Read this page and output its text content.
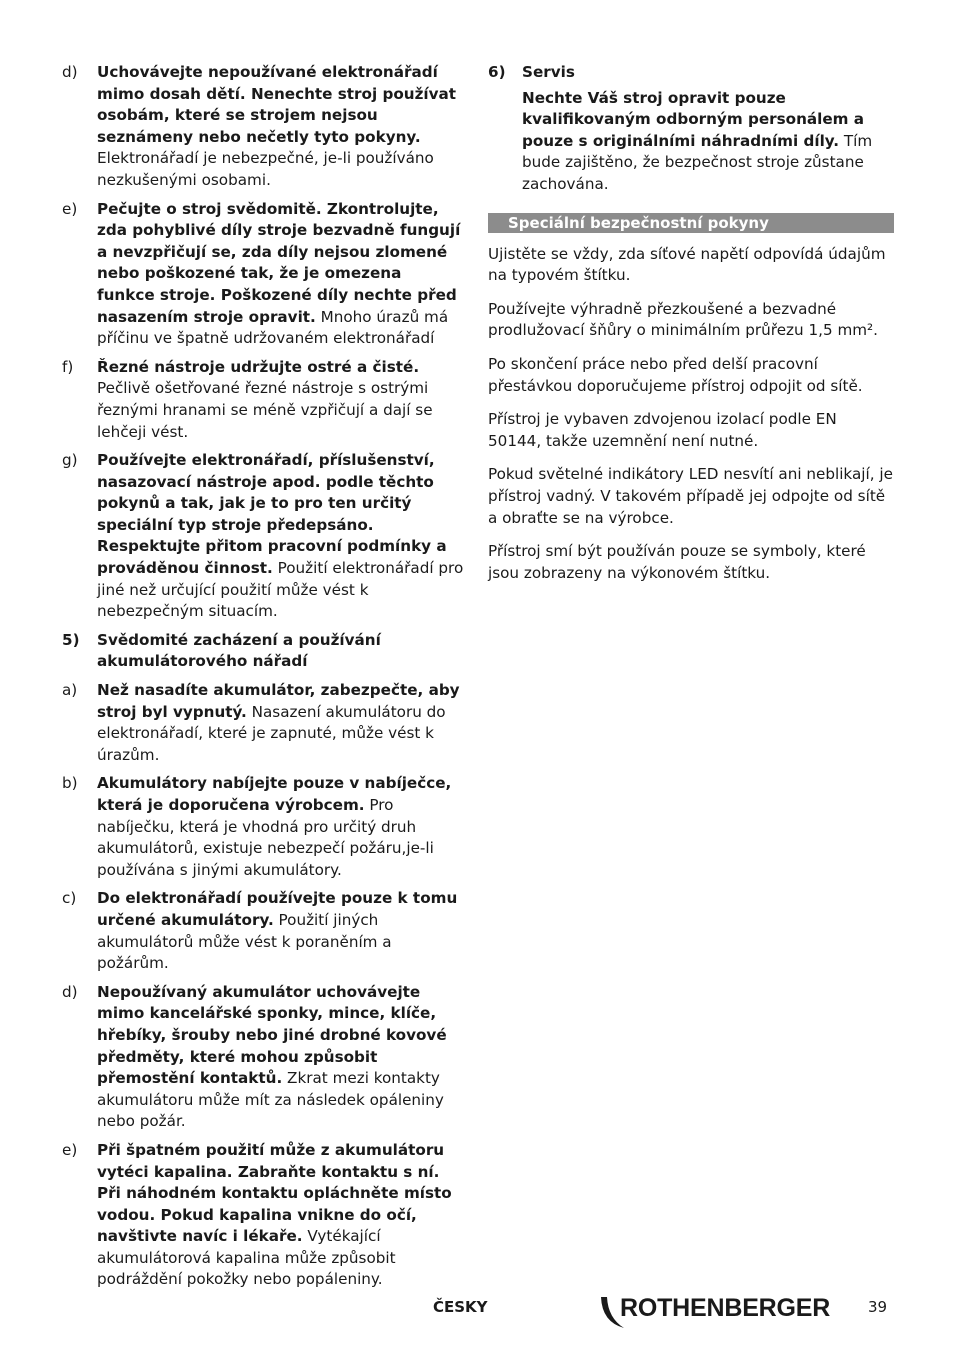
d)	Uchovávejte nepoužívané elektronářadí mimo dosah dětí. Nenechte stroj používat osobám, které se strojem nejsou seznámeny nebo nečetly tyto pokyny. Elektronářadí je nebezpečné, je-li používáno nezkušenými osobami.
e)	Pečujte o stroj svědomitě. Zkontrolujte, zda pohyblivé díly stroje bezvadně fungují a nevzpřičují se, zda díly nejsou zlomené nebo poškozené tak, že je omezena funkce stroje. Poškozené díly nechte před nasazením stroje opravit. Mnoho úrazů má příčinu ve špatně udržovaném elektronářadí
f)	Řezné nástroje udržujte ostré a čisté. Pečlivě ošetřované řezné nástroje s ostrými řeznými hranami se méně vzpřičují a dají se lehčeji vést.
g)	Používejte elektronářadí, příslušenství, nasazovací nástroje apod. podle těchto pokynů a tak, jak je to pro ten určitý speciální typ stroje předepsáno. Respektujte přitom pracovní podmínky a prováděnou činnost. Použití elektronářadí pro jiné než určující použití může vést k nebezpečným situacím.
5)	Svědomité zacházení a používání akumulátorového nářadí
a)	Než nasadíte akumulátor, zabezpečte, aby stroj byl vypnutý. Nasazení akumulátoru do elektronářadí, které je zapnuté, může vést k úrazům.
b)	Akumulátory nabíjejte pouze v nabíječce, která je doporučena výrobcem. Pro nabíječku, která je vhodná pro určitý druh akumulátorů, existuje nebezpečí požáru,je-li používána s jinými akumulátory.
c)	Do elektronářadí používejte pouze k tomu určené akumulátory. Použití jiných akumulátorů může vést k poraněním a požárům.
d)	Nepoužívaný akumulátor uchovávejte mimo kancelářské sponky, mince, klíče, hřebíky, šrouby nebo jiné drobné kovové předměty, které mohou způsobit přemostění kontaktů. Zkrat mezi kontakty akumulátoru může mít za následek opáleniny nebo požár.
e)	Při špatném použití může z akumulátoru vytéci kapalina. Zabraňte kontaktu s ní. Při náhodném kontaktu opláchněte místo vodou. Pokud kapalina vnikne do očí, navštivte navíc i lékaře. Vytékající akumulátorová kapalina může způsobit podráždění pokožky nebo popáleniny.
6)	Servis
Nechte Váš stroj opravit pouze kvalifikovaným odborným personálem a pouze s originálními náhradními díly. Tím bude zajištěno, že bezpečnost stroje zůstane zachována.
Speciální bezpečnostní pokyny
Ujistěte se vždy, zda síťové napětí odpovídá údajům na typovém štítku.
Používejte výhradně přezkoušené a bezvadné prodlužovací šňůry o minimálním průřezu 1,5 mm².
Po skončení práce nebo před delší pracovní přestávkou doporučujeme přístroj odpojit od sítě.
Přístroj je vybaven zdvojenou izolací podle EN 50144, takže uzemnění není nutné.
Pokud světelné indikátory LED nesvítí ani neblikají, je přístroj vadný. V takovém případě jej odpojte od sítě a obraťte se na výrobce.
Přístroj smí být používán pouze se symboly, které jsou zobrazeny na výkonovém štítku.
ČESKY	ROTHENBERGER	39
